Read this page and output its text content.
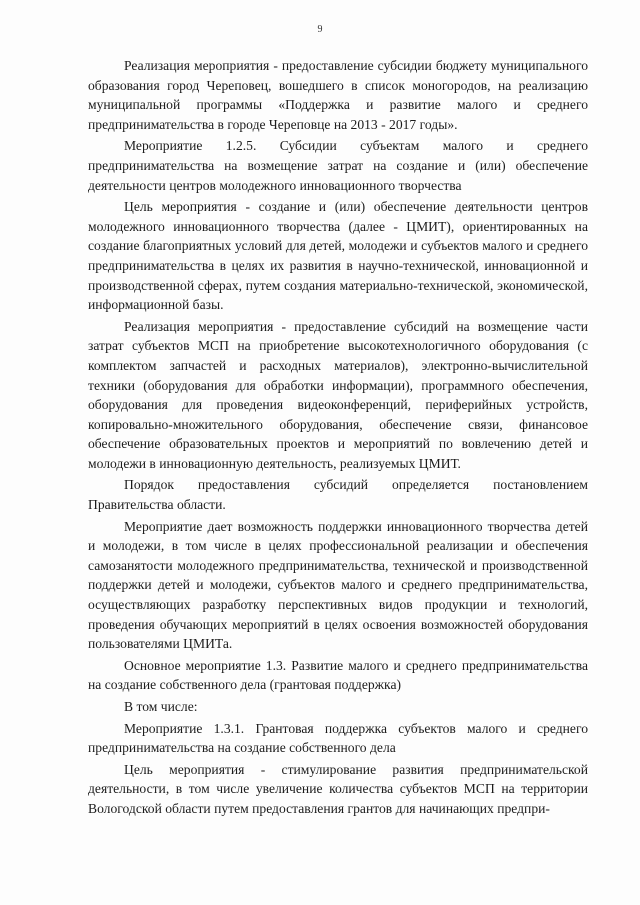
9

Реализация мероприятия - предоставление субсидии бюджету муниципального образования город Череповец, вошедшего в список моногородов, на реализацию муниципальной программы «Поддержка и развитие малого и среднего предпринимательства в городе Череповце на 2013 - 2017 годы».

Мероприятие 1.2.5. Субсидии субъектам малого и среднего предпринимательства на возмещение затрат на создание и (или) обеспечение деятельности центров молодежного инновационного творчества

Цель мероприятия - создание и (или) обеспечение деятельности центров молодежного инновационного творчества (далее - ЦМИТ), ориентированных на создание благоприятных условий для детей, молодежи и субъектов малого и среднего предпринимательства в целях их развития в научно-технической, инновационной и производственной сферах, путем создания материально-технической, экономической, информационной базы.

Реализация мероприятия - предоставление субсидий на возмещение части затрат субъектов МСП на приобретение высокотехнологичного оборудования (с комплектом запчастей и расходных материалов), электронно-вычислительной техники (оборудования для обработки информации), программного обеспечения, оборудования для проведения видеоконференций, периферийных устройств, копировально-множительного оборудования, обеспечение связи, финансовое обеспечение образовательных проектов и мероприятий по вовлечению детей и молодежи в инновационную деятельность, реализуемых ЦМИТ.

Порядок предоставления субсидий определяется постановлением Правительства области.

Мероприятие дает возможность поддержки инновационного творчества детей и молодежи, в том числе в целях профессиональной реализации и обеспечения самозанятости молодежного предпринимательства, технической и производственной поддержки детей и молодежи, субъектов малого и среднего предпринимательства, осуществляющих разработку перспективных видов продукции и технологий, проведения обучающих мероприятий в целях освоения возможностей оборудования пользователями ЦМИТа.

Основное мероприятие 1.3. Развитие малого и среднего предпринимательства на создание собственного дела (грантовая поддержка)

В том числе:

Мероприятие 1.3.1. Грантовая поддержка субъектов малого и среднего предпринимательства на создание собственного дела

Цель мероприятия - стимулирование развития предпринимательской деятельности, в том числе увеличение количества субъектов МСП на территории Вологодской области путем предоставления грантов для начинающих предпри-
